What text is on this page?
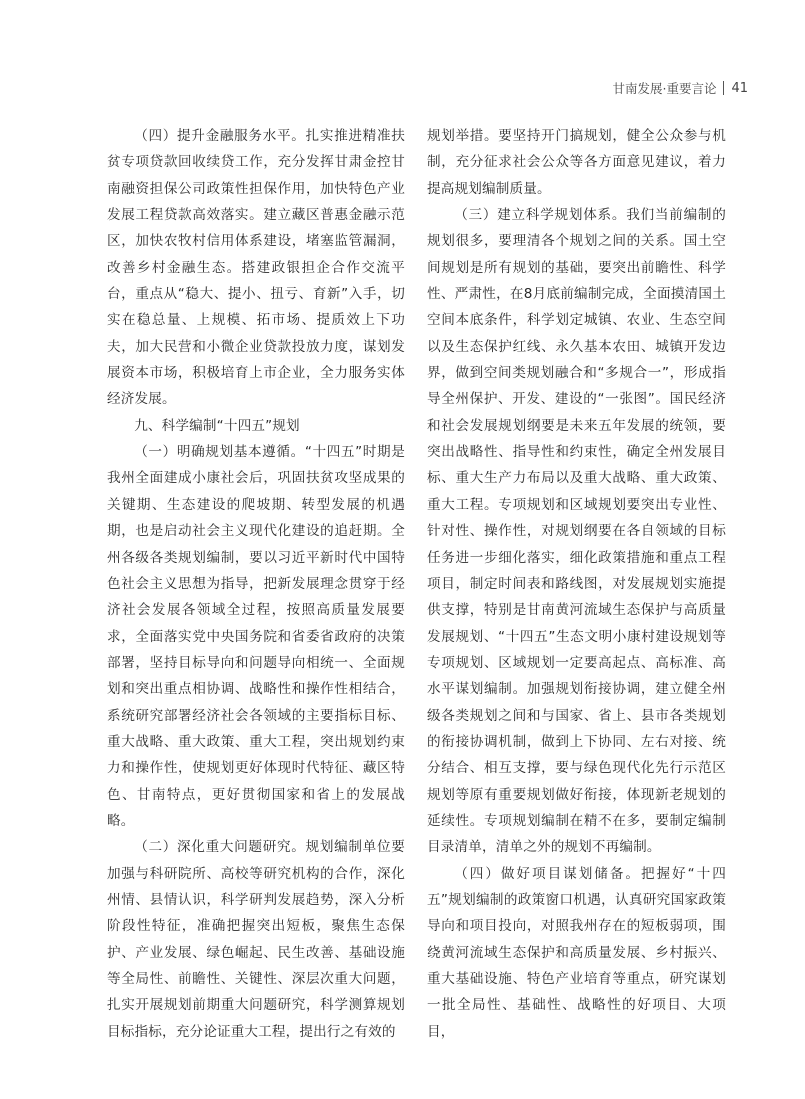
甘南发展·重要言论 41

（四）提升金融服务水平。扎实推进精准扶贫专项贷款回收续贷工作，充分发挥甘肃金控甘南融资担保公司政策性担保作用，加快特色产业发展工程贷款高效落实。建立藏区普惠金融示范区，加快农牧村信用体系建设，堵塞监管漏洞，改善乡村金融生态。搭建政银担企合作交流平台，重点从“稳大、提小、扭亏、育新”入手，切实在稳总量、上规模、拓市场、提质效上下功夫，加大民营和小微企业贷款投放力度，谋划发展资本市场，积极培育上市企业，全力服务实体经济发展。

九、科学编制“十四五”规划

（一）明确规划基本遵循。“十四五”时期是我州全面建成小康社会后，巩固扶贫攻坚成果的关键期、生态建设的爬坡期、转型发展的机遇期，也是启动社会主义现代化建设的追赶期。全州各级各类规划编制，要以习近平新时代中国特色社会主义思想为指导，把新发展理念贯穿于经济社会发展各领域全过程，按照高质量发展要求，全面落实党中央国务院和省委省政府的决策部署，坚持目标导向和问题导向相统一、全面规划和突出重点相协调、战略性和操作性相结合，系统研究部署经济社会各领域的主要指标目标、重大战略、重大政策、重大工程，突出规划约束力和操作性，使规划更好体现时代特征、藏区特色、甘南特点，更好贯彻国家和省上的发展战略。

（二）深化重大问题研究。规划编制单位要加强与科研院所、高校等研究机构的合作，深化州情、县情认识，科学研判发展趋势，深入分析阶段性特征，准确把握突出短板，聚焦生态保护、产业发展、绿色崛起、民生改善、基础设施等全局性、前瞻性、关键性、深层次重大问题，扎实开展规划前期重大问题研究，科学测算规划目标指标，充分论证重大工程，提出行之有效的

规划举措。要坚持开门搞规划，健全公众参与机制，充分征求社会公众等各方面意见建议，着力提高规划编制质量。

（三）建立科学规划体系。我们当前编制的规划很多，要理清各个规划之间的关系。国土空间规划是所有规划的基础，要突出前瞻性、科学性、严肃性，在8月底前编制完成，全面摸清国土空间本底条件，科学划定城镇、农业、生态空间以及生态保护红线、永久基本农田、城镇开发边界，做到空间类规划融合和“多规合一”，形成指导全州保护、开发、建设的“一张图”。国民经济和社会发展规划纲要是未来五年发展的统领，要突出战略性、指导性和约束性，确定全州发展目标、重大生产力布局以及重大战略、重大政策、重大工程。专项规划和区域规划要突出专业性、针对性、操作性，对规划纲要在各自领域的目标任务进一步细化落实，细化政策措施和重点工程项目，制定时间表和路线图，对发展规划实施提供支撑，特别是甘南黄河流域生态保护与高质量发展规划、“十四五”生态文明小康村建设规划等专项规划、区域规划一定要高起点、高标准、高水平谋划编制。加强规划衔接协调，建立健全州级各类规划之间和与国家、省上、县市各类规划的衔接协调机制，做到上下协同、左右对接、统分结合、相互支撑，要与绿色现代化先行示范区规划等原有重要规划做好衔接，体现新老规划的延续性。专项规划编制在精不在多，要制定编制目录清单，清单之外的规划不再编制。

（四）做好项目谋划储备。把握好“十四五”规划编制的政策窗口机遇，认真研究国家政策导向和项目投向，对照我州存在的短板弱项，围绕黄河流域生态保护和高质量发展、乡村振兴、重大基础设施、特色产业培育等重点，研究谋划一批全局性、基础性、战略性的好项目、大项目，
